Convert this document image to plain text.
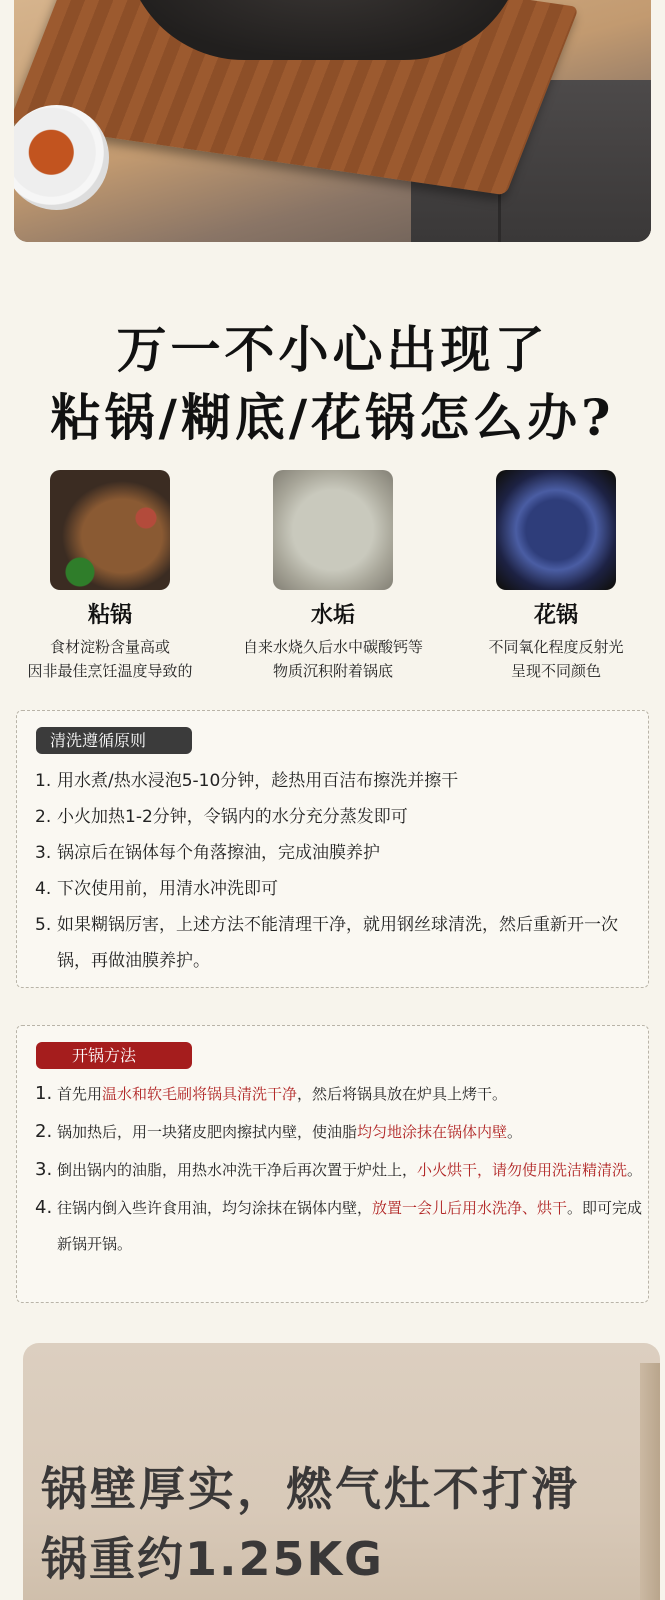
万一不小心出现了
粘锅/糊底/花锅怎么办?
粘锅
食材淀粉含量高或
因非最佳烹饪温度导致的
水垢
自来水烧久后水中碳酸钙等
物质沉积附着锅底
花锅
不同氧化程度反射光
呈现不同颜色
清洗遵循原则
1. 用水煮/热水浸泡5-10分钟，趁热用百洁布擦洗并擦干
2. 小火加热1-2分钟，令锅内的水分充分蒸发即可
3. 锅凉后在锅体每个角落擦油，完成油膜养护
4. 下次使用前，用清水冲洗即可
5. 如果糊锅厉害，上述方法不能清理干净，就用钢丝球清洗，然后重新开一次锅，再做油膜养护。
开锅方法
1. 首先用温水和软毛刷将锅具清洗干净，然后将锅具放在炉具上烤干。
2. 锅加热后，用一块猪皮肥肉擦拭内壁，使油脂均匀地涂抹在锅体内壁。
3. 倒出锅内的油脂，用热水冲洗干净后再次置于炉灶上，小火烘干，请勿使用洗洁精清洗。
4. 往锅内倒入些许食用油，均匀涂抹在锅体内壁，放置一会儿后用水洗净、烘干。即可完成新锅开锅。
锅壁厚实，燃气灶不打滑
锅重约1.25KG
